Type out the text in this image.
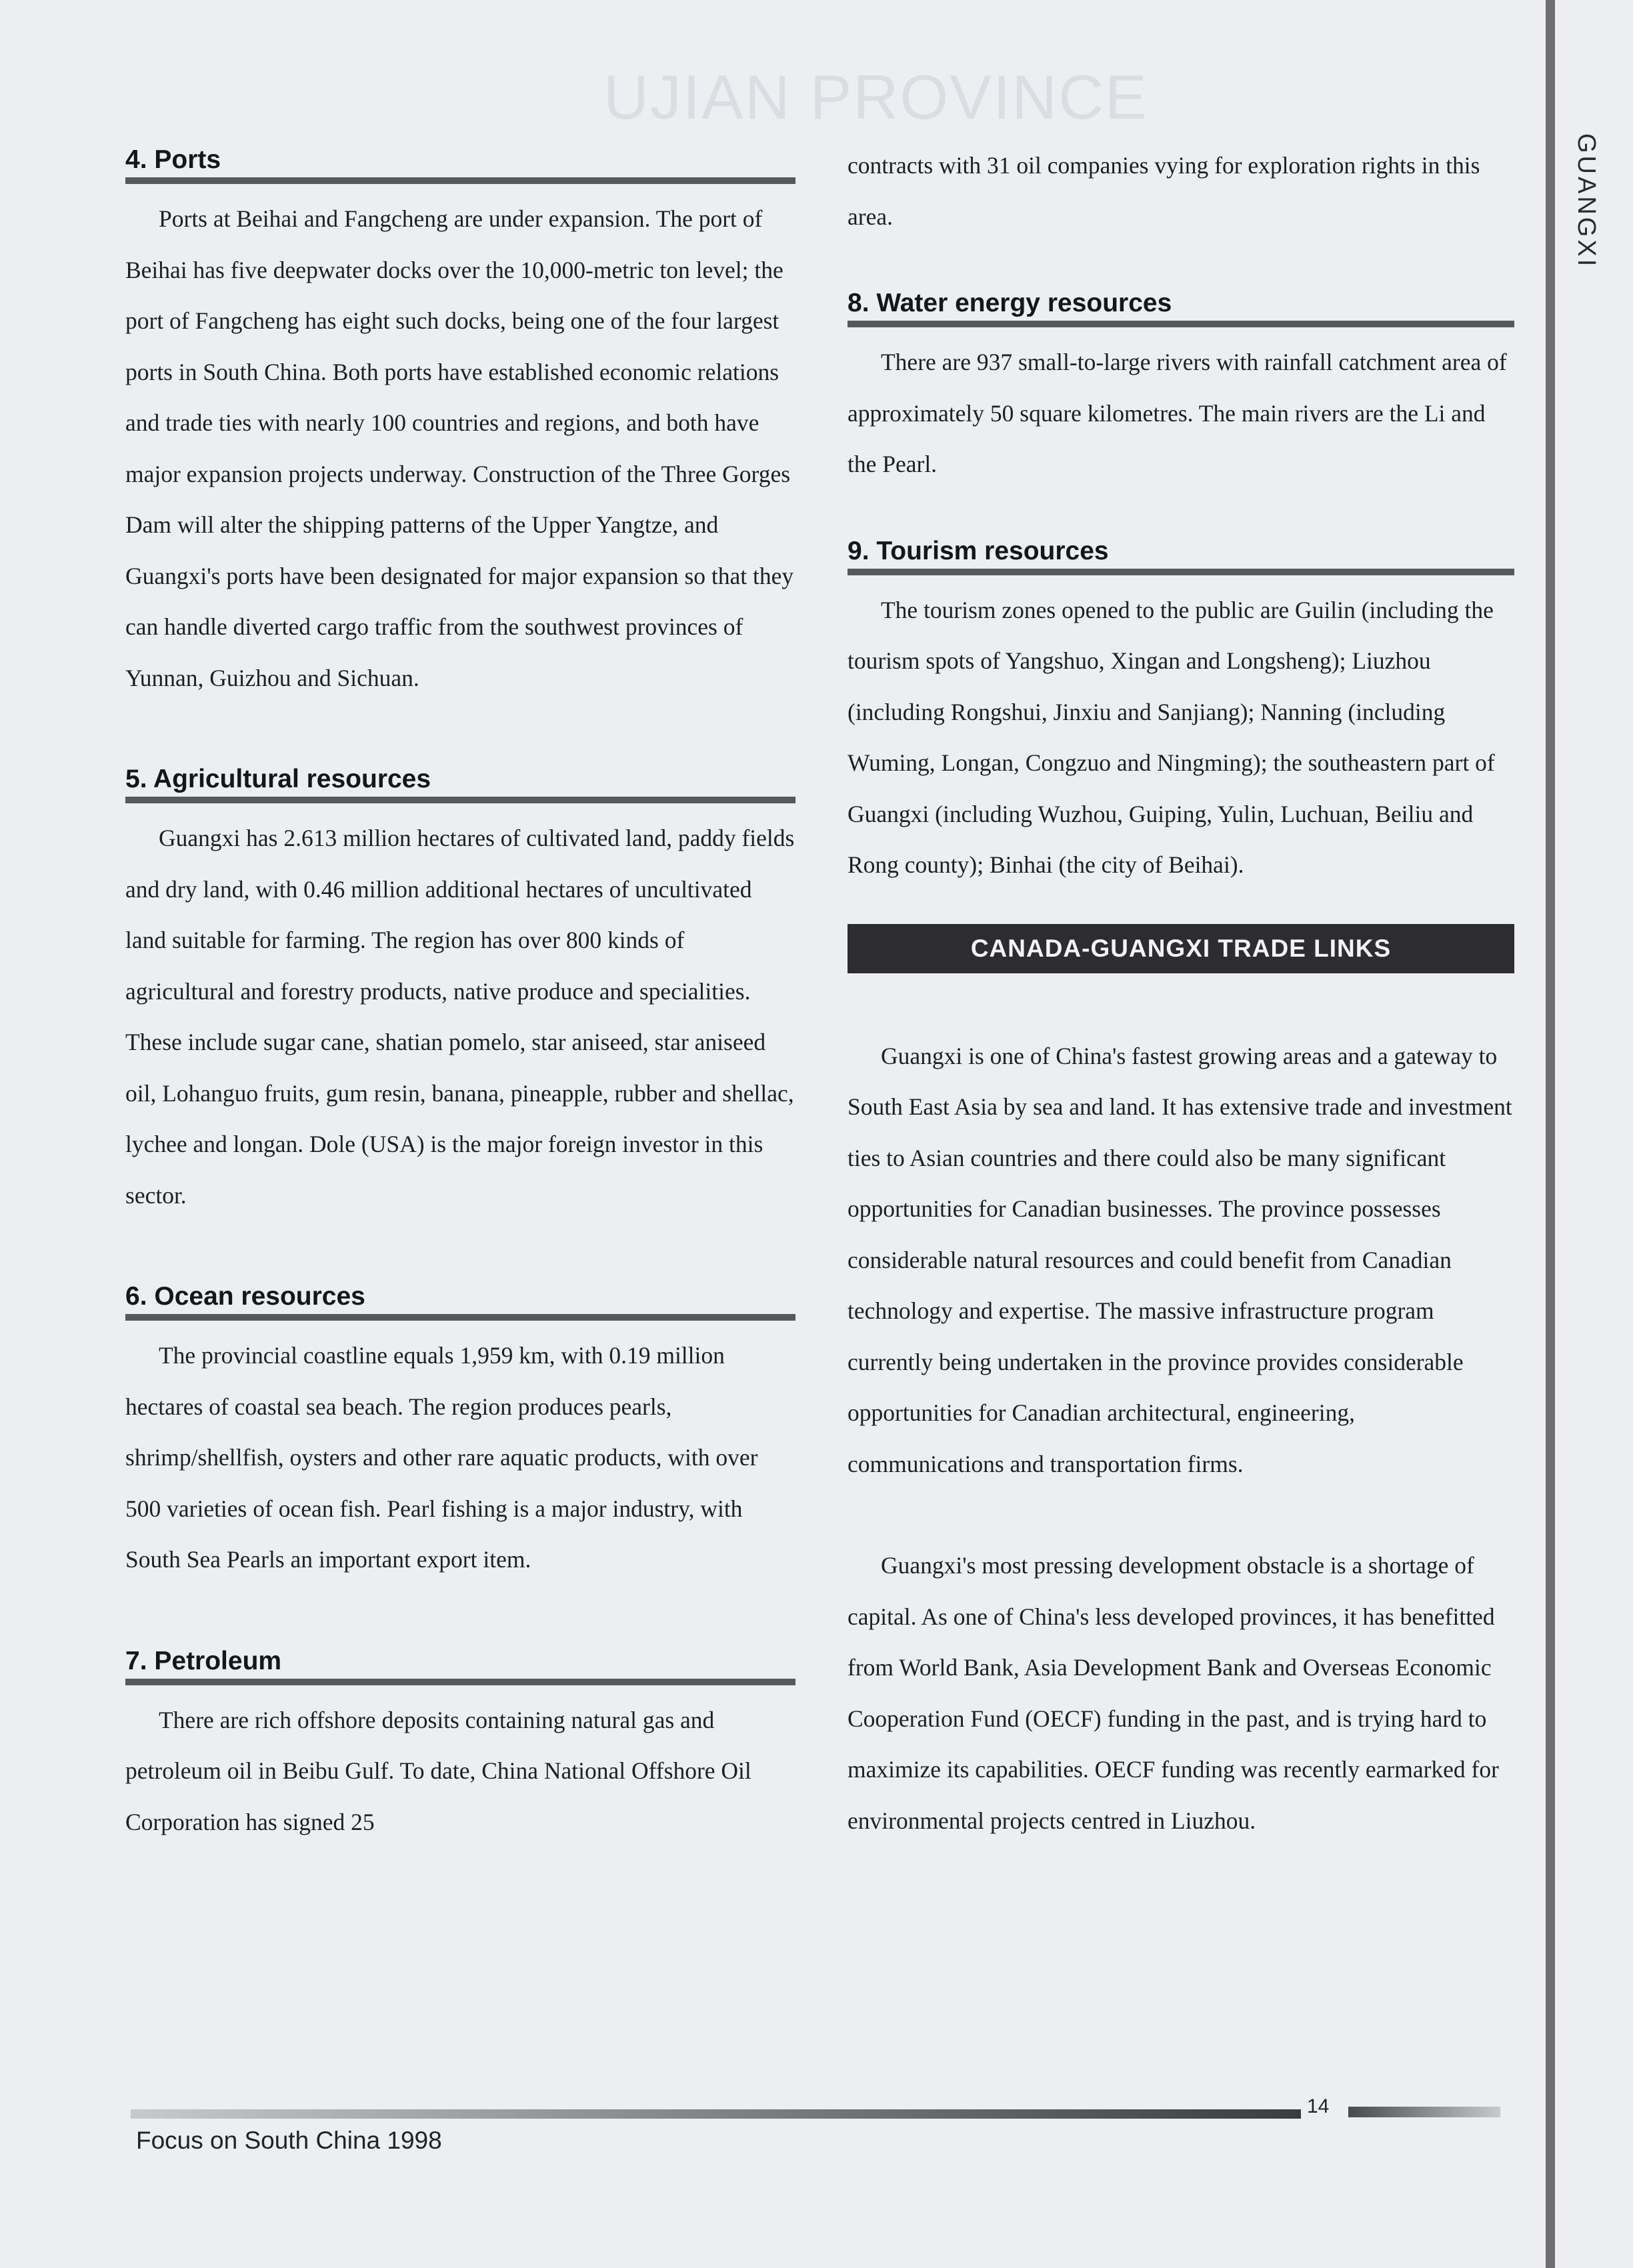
GUANGXI
UJIAN PROVINCE
4. Ports

Ports at Beihai and Fangcheng are under expansion. The port of Beihai has five deepwater docks over the 10,000-metric ton level; the port of Fangcheng has eight such docks, being one of the four largest ports in South China. Both ports have established economic relations and trade ties with nearly 100 countries and regions, and both have major expansion projects underway. Construction of the Three Gorges Dam will alter the shipping patterns of the Upper Yangtze, and Guangxi's ports have been designated for major expansion so that they can handle diverted cargo traffic from the southwest provinces of Yunnan, Guizhou and Sichuan.

5. Agricultural resources

Guangxi has 2.613 million hectares of cultivated land, paddy fields and dry land, with 0.46 million additional hectares of uncultivated land suitable for farming. The region has over 800 kinds of agricultural and forestry products, native produce and specialities. These include sugar cane, shatian pomelo, star aniseed, star aniseed oil, Lohanguo fruits, gum resin, banana, pineapple, rubber and shellac, lychee and longan. Dole (USA) is the major foreign investor in this sector.

6. Ocean resources

The provincial coastline equals 1,959 km, with 0.19 million hectares of coastal sea beach. The region produces pearls, shrimp/shellfish, oysters and other rare aquatic products, with over 500 varieties of ocean fish. Pearl fishing is a major industry, with South Sea Pearls an important export item.

7. Petroleum

There are rich offshore deposits containing natural gas and petroleum oil in Beibu Gulf. To date, China National Offshore Oil Corporation has signed 25

contracts with 31 oil companies vying for exploration rights in this area.

8. Water energy resources

There are 937 small-to-large rivers with rainfall catchment area of approximately 50 square kilometres. The main rivers are the Li and the Pearl.

9. Tourism resources

The tourism zones opened to the public are Guilin (including the tourism spots of Yangshuo, Xingan and Longsheng); Liuzhou (including Rongshui, Jinxiu and Sanjiang); Nanning (including Wuming, Longan, Congzuo and Ningming); the southeastern part of Guangxi (including Wuzhou, Guiping, Yulin, Luchuan, Beiliu and Rong county); Binhai (the city of Beihai).

CANADA-GUANGXI TRADE LINKS

Guangxi is one of China's fastest growing areas and a gateway to South East Asia by sea and land. It has extensive trade and investment ties to Asian countries and there could also be many significant opportunities for Canadian businesses. The province possesses considerable natural resources and could benefit from Canadian technology and expertise. The massive infrastructure program currently being undertaken in the province provides considerable opportunities for Canadian architectural, engineering, communications and transportation firms.

Guangxi's most pressing development obstacle is a shortage of capital. As one of China's less developed provinces, it has benefitted from World Bank, Asia Development Bank and Overseas Economic Cooperation Fund (OECF) funding in the past, and is trying hard to maximize its capabilities. OECF funding was recently earmarked for environmental projects centred in Liuzhou.

14
Focus on South China 1998
